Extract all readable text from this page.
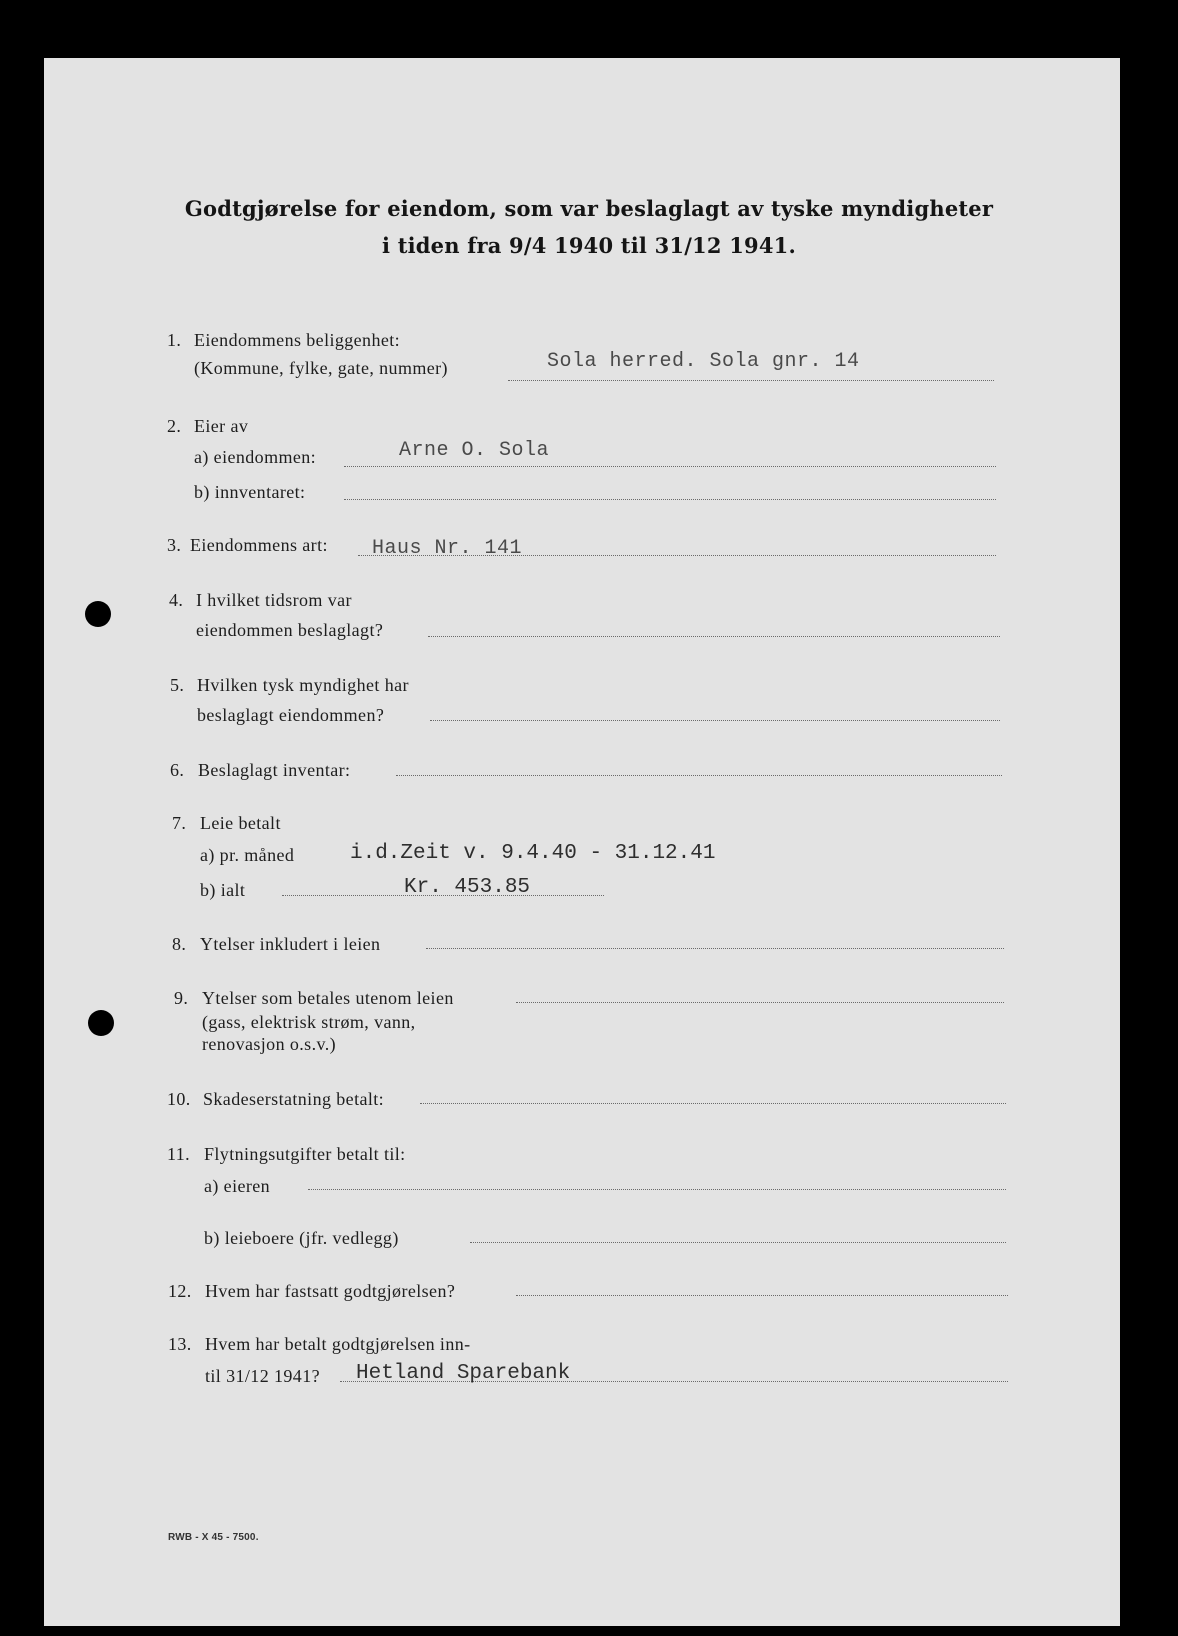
Godtgjørelse for eiendom, som var beslaglagt av tyske myndigheter
i tiden fra 9/4 1940 til 31/12 1941.
1. Eiendommens beliggenhet:
(Kommune, fylke, gate, nummer)	Sola herred. Sola gnr. 14
2. Eier av
a) eiendommen:	Arne O. Sola
b) innventaret:
3. Eiendommens art: Haus Nr. 141
4. I hvilket tidsrom var
eiendommen beslaglagt?
5. Hvilken tysk myndighet har
beslaglagt eiendommen?
6. Beslaglagt inventar:
7. Leie betalt
a) pr. måned	i.d.Zeit v. 9.4.40 - 31.12.41
b) ialt	Kr. 453.85
8. Ytelser inkludert i leien
9. Ytelser som betales utenom leien
(gass, elektrisk strøm, vann,
renovasjon o.s.v.)
10. Skadeserstatning betalt:
11. Flytningsutgifter betalt til:
a) eieren
b) leieboere (jfr. vedlegg)
12. Hvem har fastsatt godtgjørelsen?
13. Hvem har betalt godtgjørelsen inn-
til 31/12 1941? Hetland Sparebank
RWB - X 45 - 7500.
